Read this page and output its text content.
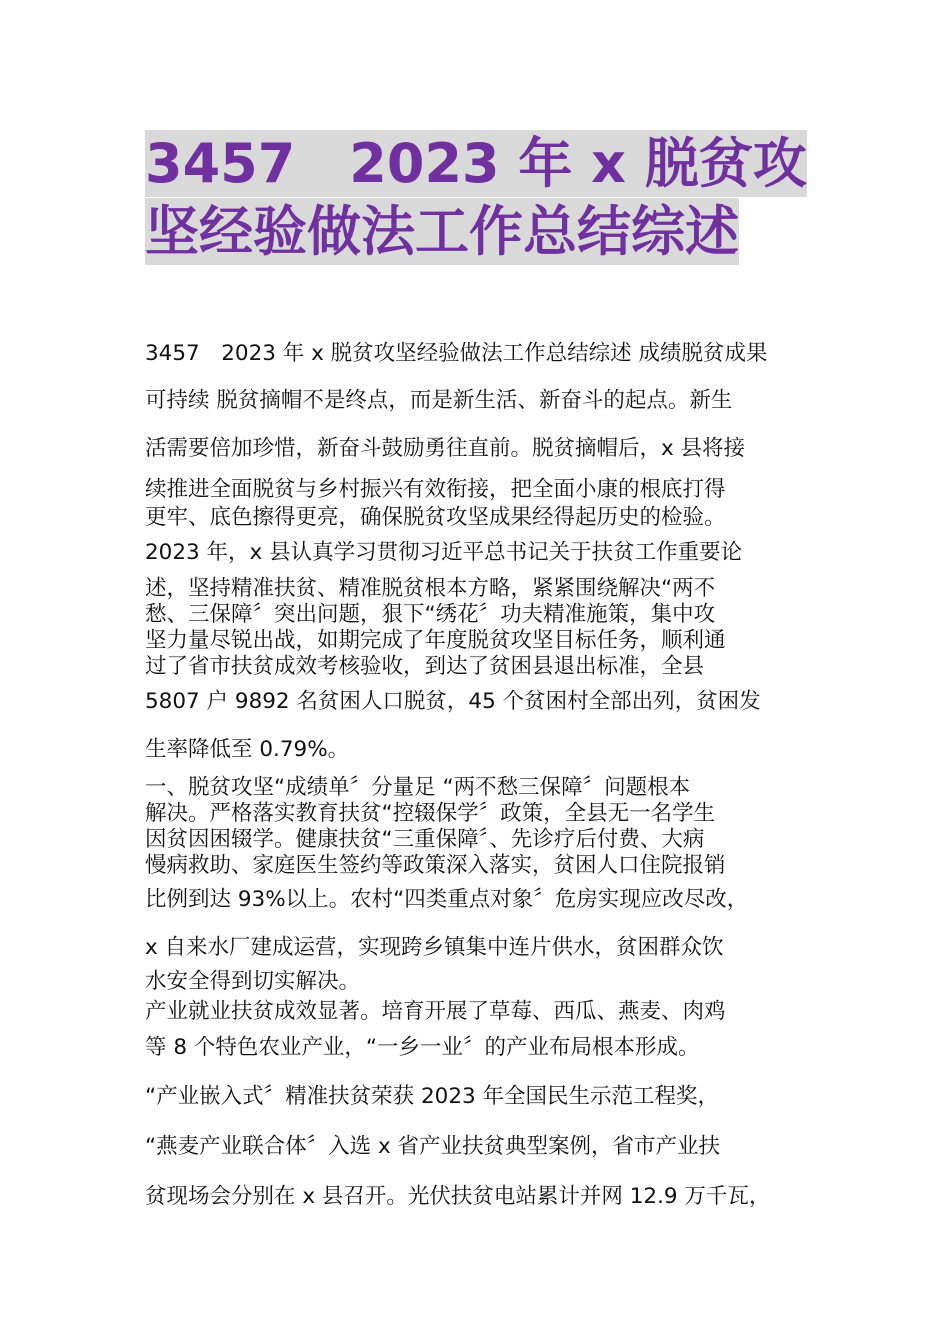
3457　2023 年 x 脱贫攻坚经验做法工作总结综述
3457　2023 年 x 脱贫攻坚经验做法工作总结综述 成绩脱贫成果
可持续 脱贫摘帽不是终点，而是新生活、新奋斗的起点。新生
活需要倍加珍惜，新奋斗鼓励勇往直前。脱贫摘帽后，x 县将接
续推进全面脱贫与乡村振兴有效衔接，把全面小康的根底打得
更牢、底色擦得更亮，确保脱贫攻坚成果经得起历史的检验。
2023 年，x 县认真学习贯彻习近平总书记关于扶贫工作重要论
述，坚持精准扶贫、精准脱贫根本方略，紧紧围绕解决“两不
愁、三保障〞突出问题，狠下“绣花〞功夫精准施策，集中攻
坚力量尽锐出战，如期完成了年度脱贫攻坚目标任务，顺利通
过了省市扶贫成效考核验收，到达了贫困县退出标准，全县
5807 户 9892 名贫困人口脱贫，45 个贫困村全部出列，贫困发
生率降低至 0.79%。
一、脱贫攻坚“成绩单〞分量足 “两不愁三保障〞问题根本
解决。严格落实教育扶贫“控辍保学〞政策，全县无一名学生
因贫因困辍学。健康扶贫“三重保障〞、先诊疗后付费、大病
慢病救助、家庭医生签约等政策深入落实，贫困人口住院报销
比例到达 93%以上。农村“四类重点对象〞危房实现应改尽改，
x 自来水厂建成运营，实现跨乡镇集中连片供水，贫困群众饮
水安全得到切实解决。
产业就业扶贫成效显著。培育开展了草莓、西瓜、燕麦、肉鸡
等 8 个特色农业产业，“一乡一业〞的产业布局根本形成。
“产业嵌入式〞精准扶贫荣获 2023 年全国民生示范工程奖，
“燕麦产业联合体〞入选 x 省产业扶贫典型案例，省市产业扶
贫现场会分别在 x 县召开。光伏扶贫电站累计并网 12.9 万千瓦，
